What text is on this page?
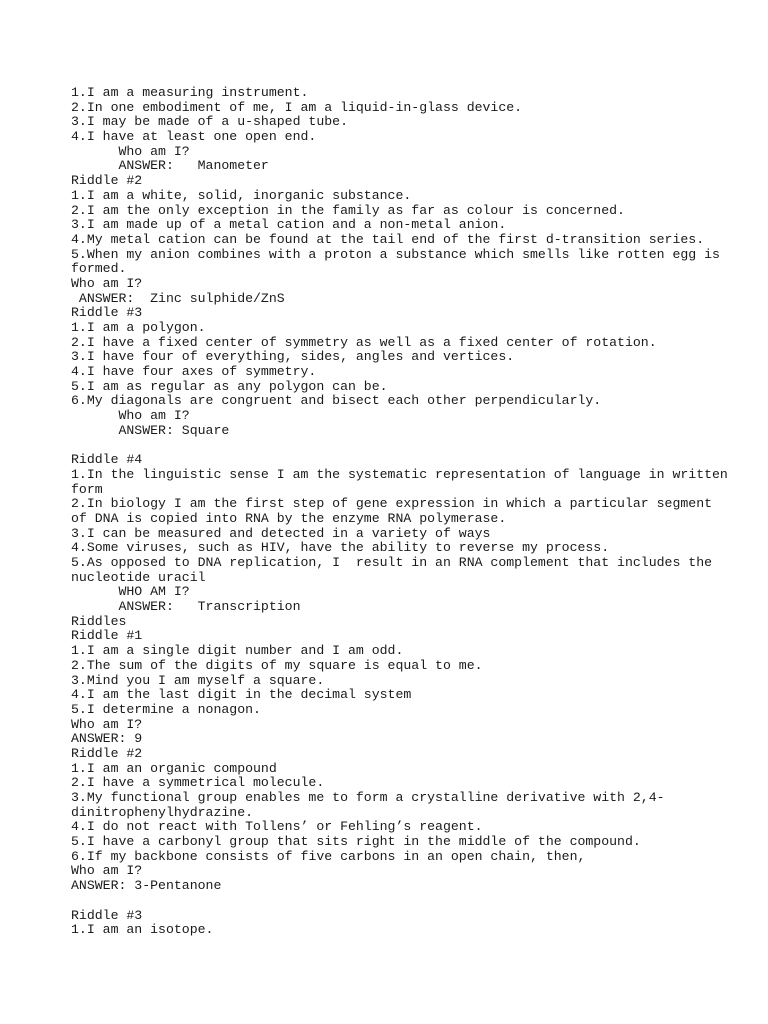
1.I am a measuring instrument.
2.In one embodiment of me, I am a liquid-in-glass device.
3.I may be made of a u-shaped tube.
4.I have at least one open end.
Who am I?
ANSWER:   Manometer
Riddle #2
1.I am a white, solid, inorganic substance.
2.I am the only exception in the family as far as colour is concerned.
3.I am made up of a metal cation and a non-metal anion.
4.My metal cation can be found at the tail end of the first d-transition series.
5.When my anion combines with a proton a substance which smells like rotten egg is
formed.
Who am I?
ANSWER:  Zinc sulphide/ZnS
Riddle #3
1.I am a polygon.
2.I have a fixed center of symmetry as well as a fixed center of rotation.
3.I have four of everything, sides, angles and vertices.
4.I have four axes of symmetry.
5.I am as regular as any polygon can be.
6.My diagonals are congruent and bisect each other perpendicularly.
Who am I?
ANSWER: Square
Riddle #4
1.In the linguistic sense I am the systematic representation of language in written
form
2.In biology I am the first step of gene expression in which a particular segment
of DNA is copied into RNA by the enzyme RNA polymerase.
3.I can be measured and detected in a variety of ways
4.Some viruses, such as HIV, have the ability to reverse my process.
5.As opposed to DNA replication, I  result in an RNA complement that includes the
nucleotide uracil
WHO AM I?
ANSWER:   Transcription
Riddles
Riddle #1
1.I am a single digit number and I am odd.
2.The sum of the digits of my square is equal to me.
3.Mind you I am myself a square.
4.I am the last digit in the decimal system
5.I determine a nonagon.
Who am I?
ANSWER: 9
Riddle #2
1.I am an organic compound
2.I have a symmetrical molecule.
3.My functional group enables me to form a crystalline derivative with 2,4-
dinitrophenylhydrazine.
4.I do not react with Tollens’ or Fehling’s reagent.
5.I have a carbonyl group that sits right in the middle of the compound.
6.If my backbone consists of five carbons in an open chain, then,
Who am I?
ANSWER: 3-Pentanone
Riddle #3
1.I am an isotope.
